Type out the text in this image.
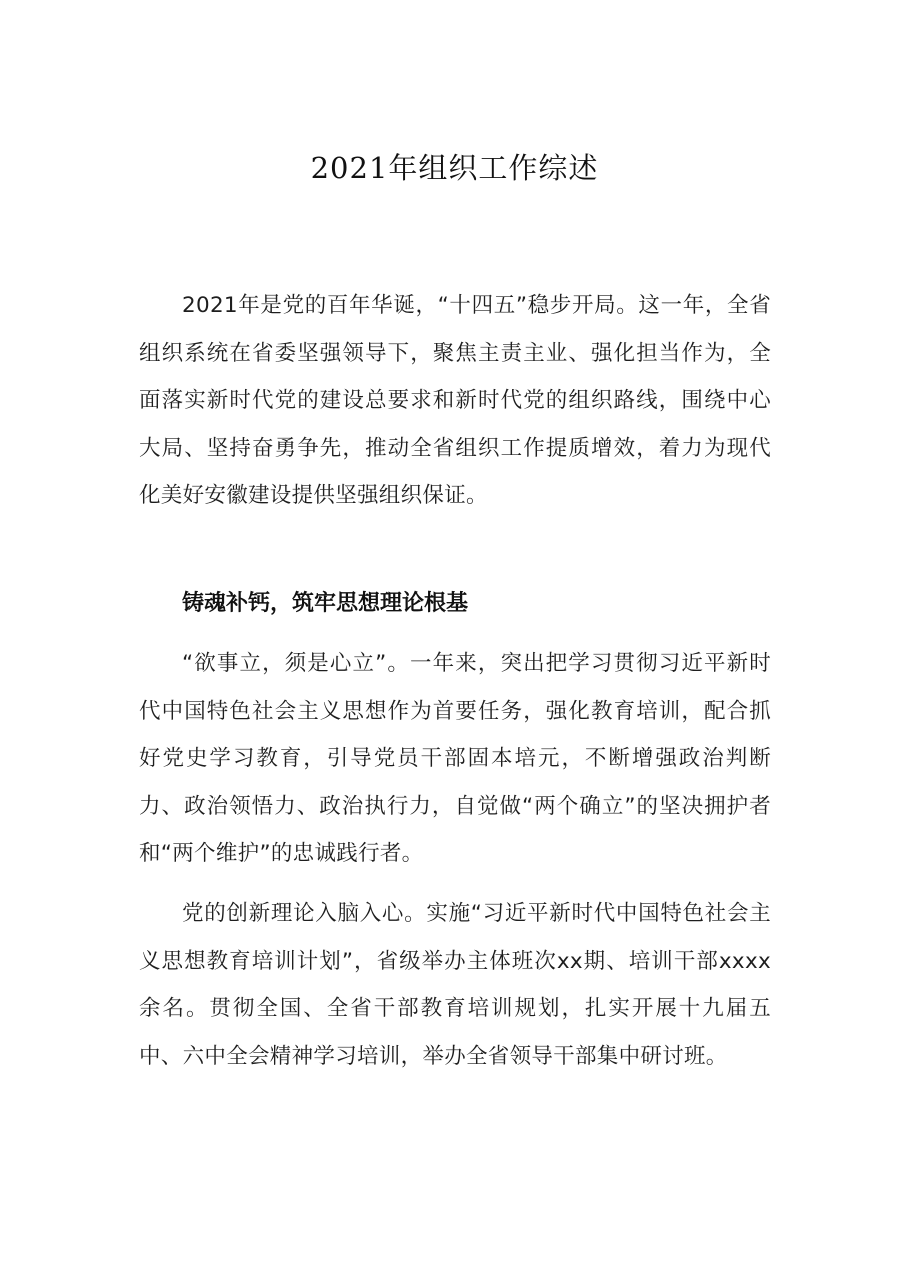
2021年组织工作综述
2021年是党的百年华诞，“十四五”稳步开局。这一年，全省组织系统在省委坚强领导下，聚焦主责主业、强化担当作为，全面落实新时代党的建设总要求和新时代党的组织路线，围绕中心大局、坚持奋勇争先，推动全省组织工作提质增效，着力为现代化美好安徽建设提供坚强组织保证。
铸魂补钙，筑牢思想理论根基
“欲事立，须是心立”。一年来，突出把学习贯彻习近平新时代中国特色社会主义思想作为首要任务，强化教育培训，配合抓好党史学习教育，引导党员干部固本培元，不断增强政治判断力、政治领悟力、政治执行力，自觉做“两个确立”的坚决拥护者和“两个维护”的忠诚践行者。
党的创新理论入脑入心。实施“习近平新时代中国特色社会主义思想教育培训计划”，省级举办主体班次xx期、培训干部xxxx余名。贯彻全国、全省干部教育培训规划，扎实开展十九届五中、六中全会精神学习培训，举办全省领导干部集中研讨班。
